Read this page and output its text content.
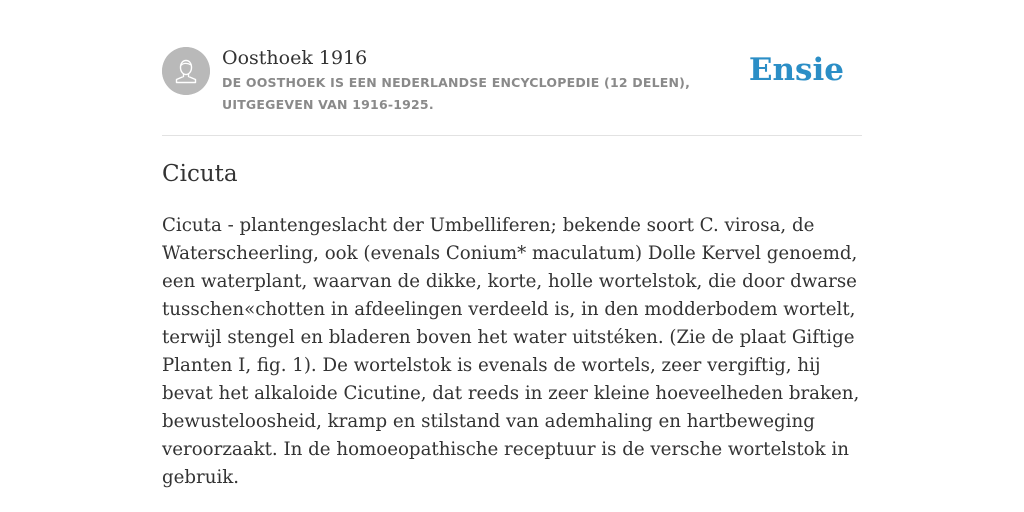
Oosthoek 1916

DE OOSTHOEK IS EEN NEDERLANDSE ENCYCLOPEDIE (12 DELEN), UITGEGEVEN VAN 1916-1925.

Ensie
Cicuta

Cicuta - plantengeslacht der Umbelliferen; bekende soort C. virosa, de Waterscheerling, ook (evenals Conium* maculatum) Dolle Kervel genoemd, een waterplant, waarvan de dikke, korte, holle wortelstok, die door dwarse tusschen«chotten in afdeelingen verdeeld is, in den modderbodem wortelt, terwijl stengel en bladeren boven het water uitstéken. (Zie de plaat Giftige Planten I, fig. 1). De wortelstok is evenals de wortels, zeer vergiftig, hij bevat het alkaloide Cicutine, dat reeds in zeer kleine hoeveelheden braken, bewusteloosheid, kramp en stilstand van ademhaling en hartbeweging veroorzaakt. In de homoeopathische receptuur is de versche wortelstok in gebruik.
